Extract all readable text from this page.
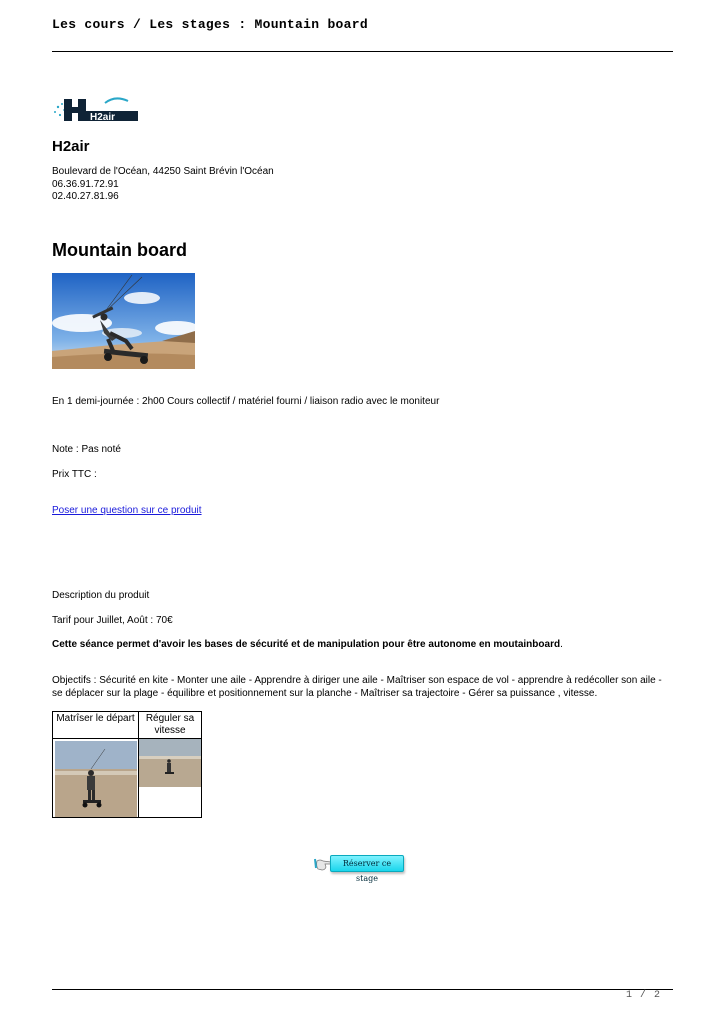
Les cours / Les stages : Mountain board
H2air
H2air
Boulevard de l'Océan, 44250 Saint Brévin l'Océan
06.36.91.72.91
02.40.27.81.96
Mountain board
En 1 demi-journée : 2h00 Cours collectif / matériel fourni / liaison radio avec le moniteur
Note : Pas noté
Prix TTC :
Poser une question sur ce produit
Description du produit
Tarif pour Juillet, Août : 70€
Cette séance permet d'avoir les bases de sécurité et de manipulation pour être autonome en moutainboard.
Objectifs : Sécurité en kite - Monter une aile - Apprendre à diriger une aile - Maîtriser son espace de vol - apprendre à redécoller son aile - se déplacer sur la plage - équilibre et positionnement sur la planche - Maîtriser sa trajectoire - Gérer sa puissance , vitesse.
Matrîser le départ	Réguler sa vitesse

Réserver ce stage
1 / 2
